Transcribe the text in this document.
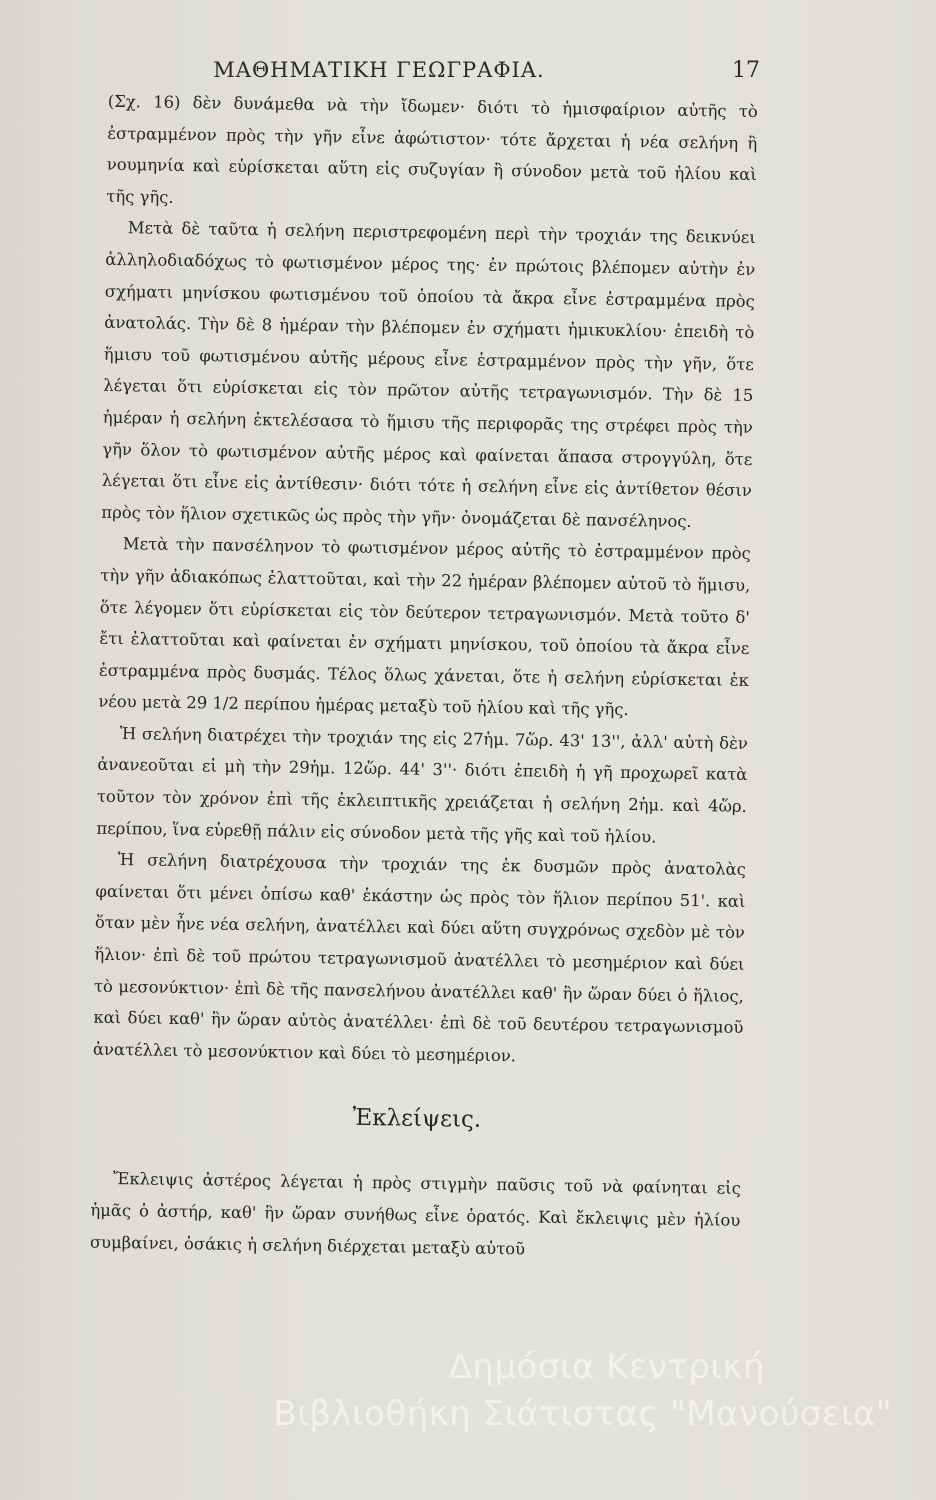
ΜΑΘΗΜΑΤΙΚΗ ΓΕΩΓΡΑΦΙΑ.	17

(Σχ. 16) δὲν δυνάμεθα νὰ τὴν ἴδωμεν· διότι τὸ ἡμισφαίριον αὐτῆς τὸ ἐστραμμένον πρὸς τὴν γῆν εἶνε ἀφώτιστον· τότε ἄρχεται ἡ νέα σελήνη ἢ νουμηνία καὶ εὑρίσκεται αὕτη εἰς συζυγίαν ἢ σύνοδον μετὰ τοῦ ἡλίου καὶ τῆς γῆς.

Μετὰ δὲ ταῦτα ἡ σελήνη περιστρεφομένη περὶ τὴν τροχιάν της δεικνύει ἀλληλοδιαδόχως τὸ φωτισμένον μέρος της· ἐν πρώτοις βλέπομεν αὐτὴν ἐν σχήματι μηνίσκου φωτισμένου τοῦ ὁποίου τὰ ἄκρα εἶνε ἐστραμμένα πρὸς ἀνατολάς. Τὴν δὲ 8 ἡμέραν τὴν βλέπομεν ἐν σχήματι ἡμικυκλίου· ἐπειδὴ τὸ ἥμισυ τοῦ φωτισμένου αὐτῆς μέρους εἶνε ἐστραμμένον πρὸς τὴν γῆν, ὅτε λέγεται ὅτι εὑρίσκεται εἰς τὸν πρῶτον αὐτῆς τετραγωνισμόν. Τὴν δὲ 15 ἡμέραν ἡ σελήνη ἐκτελέσασα τὸ ἥμισυ τῆς περιφορᾶς της στρέφει πρὸς τὴν γῆν ὅλον τὸ φωτισμένον αὐτῆς μέρος καὶ φαίνεται ἅπασα στρογγύλη, ὅτε λέγεται ὅτι εἶνε εἰς ἀντίθεσιν· διότι τότε ἡ σελήνη εἶνε εἰς ἀντίθετον θέσιν πρὸς τὸν ἥλιον σχετικῶς ὡς πρὸς τὴν γῆν· ὀνομάζεται δὲ πανσέληνος.

Μετὰ τὴν πανσέληνον τὸ φωτισμένον μέρος αὐτῆς τὸ ἐστραμμένον πρὸς τὴν γῆν ἀδιακόπως ἐλαττοῦται, καὶ τὴν 22 ἡμέραν βλέπομεν αὐτοῦ τὸ ἥμισυ, ὅτε λέγομεν ὅτι εὑρίσκεται εἰς τὸν δεύτερον τετραγωνισμόν. Μετὰ τοῦτο δ' ἔτι ἐλαττοῦται καὶ φαίνεται ἐν σχήματι μηνίσκου, τοῦ ὁποίου τὰ ἄκρα εἶνε ἐστραμμένα πρὸς δυσμάς. Τέλος ὅλως χάνεται, ὅτε ἡ σελήνη εὑρίσκεται ἐκ νέου μετὰ 29 1/2 περίπου ἡμέρας μεταξὺ τοῦ ἡλίου καὶ τῆς γῆς.

Ἡ σελήνη διατρέχει τὴν τροχιάν της εἰς 27ἡμ. 7ὥρ. 43' 13'', ἀλλ' αὐτὴ δὲν ἀνανεοῦται εἰ μὴ τὴν 29ἡμ. 12ὥρ. 44' 3''· διότι ἐπειδὴ ἡ γῆ προχωρεῖ κατὰ τοῦτον τὸν χρόνον ἐπὶ τῆς ἐκλειπτικῆς χρειάζεται ἡ σελήνη 2ἡμ. καὶ 4ὥρ. περίπου, ἵνα εὑρεθῇ πάλιν εἰς σύνοδον μετὰ τῆς γῆς καὶ τοῦ ἡλίου.

Ἡ σελήνη διατρέχουσα τὴν τροχιάν της ἐκ δυσμῶν πρὸς ἀνατολὰς φαίνεται ὅτι μένει ὀπίσω καθ' ἑκάστην ὡς πρὸς τὸν ἥλιον περίπου 51'. καὶ ὅταν μὲν ἦνε νέα σελήνη, ἀνατέλλει καὶ δύει αὕτη συγχρόνως σχεδὸν μὲ τὸν ἥλιον· ἐπὶ δὲ τοῦ πρώτου τετραγωνισμοῦ ἀνατέλλει τὸ μεσημέριον καὶ δύει τὸ μεσονύκτιον· ἐπὶ δὲ τῆς πανσελήνου ἀνατέλλει καθ' ἣν ὥραν δύει ὁ ἥλιος, καὶ δύει καθ' ἣν ὥραν αὐτὸς ἀνατέλλει· ἐπὶ δὲ τοῦ δευτέρου τετραγωνισμοῦ ἀνατέλλει τὸ μεσονύκτιον καὶ δύει τὸ μεσημέριον.

Ἐκλείψεις.

Ἔκλειψις ἀστέρος λέγεται ἡ πρὸς στιγμὴν παῦσις τοῦ νὰ φαίνηται εἰς ἡμᾶς ὁ ἀστήρ, καθ' ἣν ὥραν συνήθως εἶνε ὁρατός. Καὶ ἔκλειψις μὲν ἡλίου συμβαίνει, ὁσάκις ἡ σελήνη διέρχεται μεταξὺ αὐτοῦ

Δημόσια Κεντρική
Βιβλιοθήκη Σιάτιστας "Μανούσεια"
